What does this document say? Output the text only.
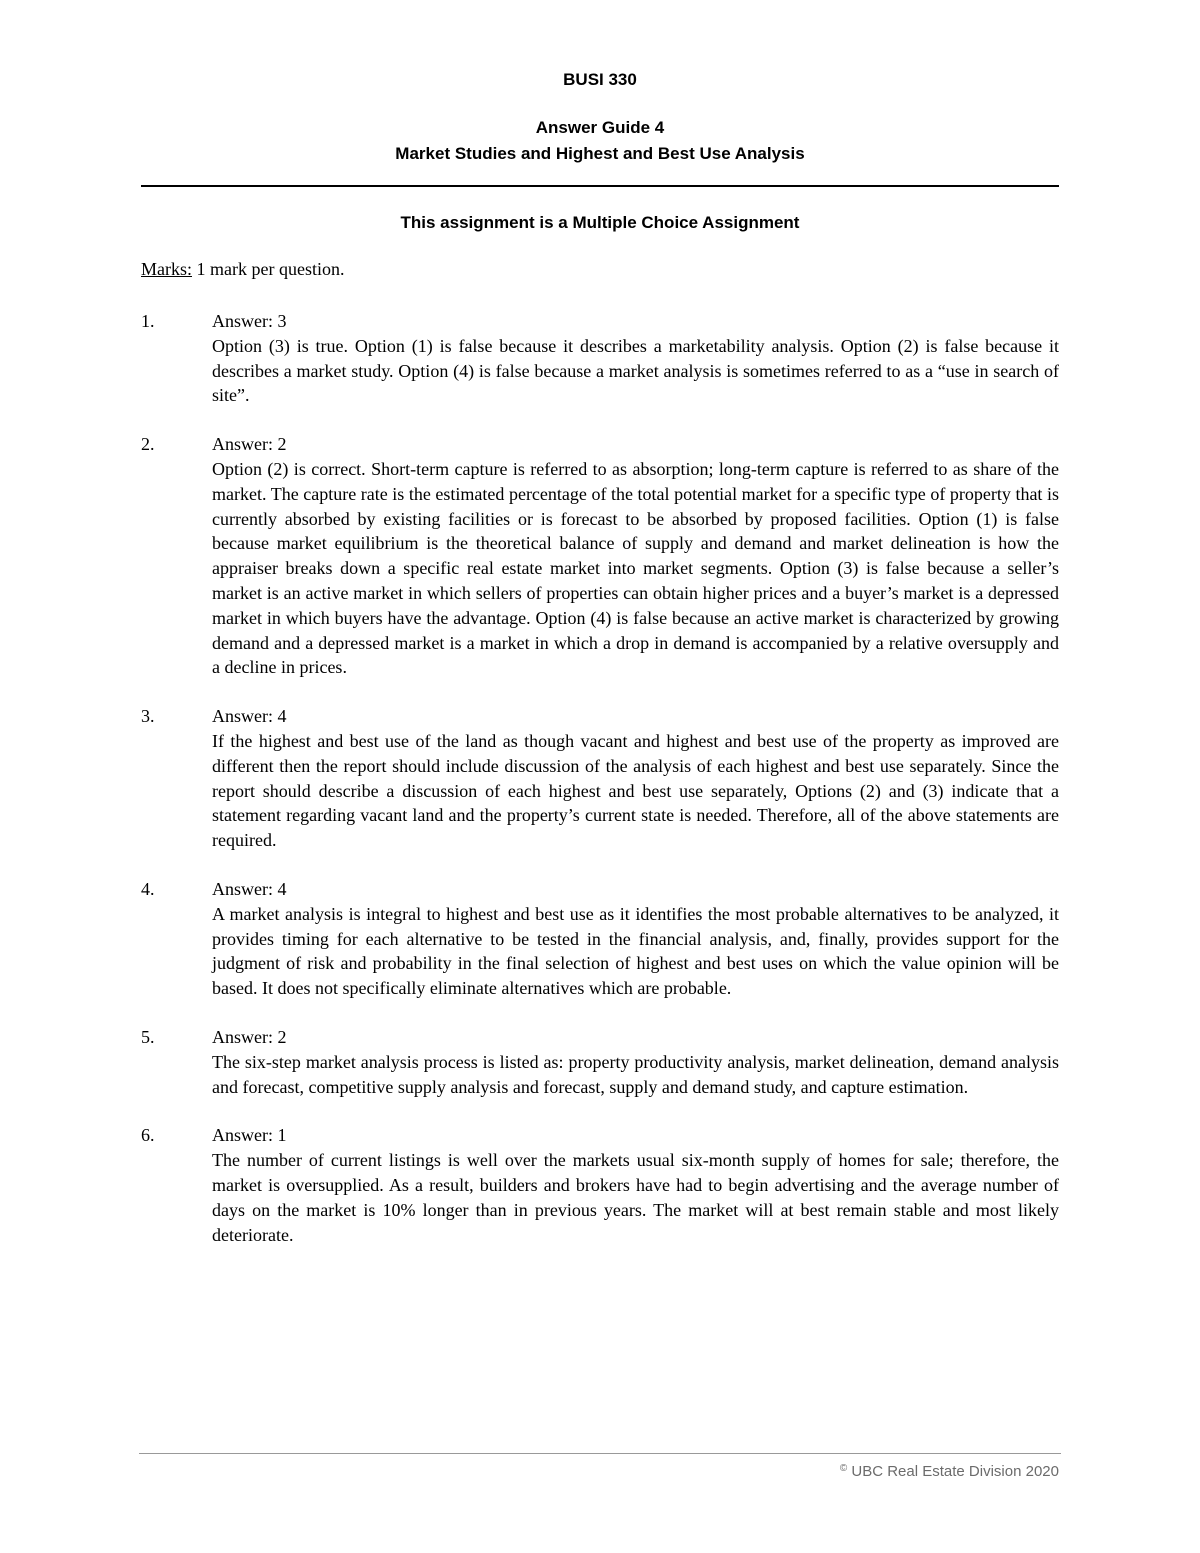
BUSI 330
Answer Guide 4
Market Studies and Highest and Best Use Analysis
This assignment is a Multiple Choice Assignment
Marks: 1 mark per question.
1.	Answer: 3

Option (3) is true. Option (1) is false because it describes a marketability analysis. Option (2) is false because it describes a market study. Option (4) is false because a market analysis is sometimes referred to as a “use in search of site”.

2.	Answer: 2

Option (2) is correct. Short-term capture is referred to as absorption; long-term capture is referred to as share of the market. The capture rate is the estimated percentage of the total potential market for a specific type of property that is currently absorbed by existing facilities or is forecast to be absorbed by proposed facilities. Option (1) is false because market equilibrium is the theoretical balance of supply and demand and market delineation is how the appraiser breaks down a specific real estate market into market segments. Option (3) is false because a seller’s market is an active market in which sellers of properties can obtain higher prices and a buyer’s market is a depressed market in which buyers have the advantage. Option (4) is false because an active market is characterized by growing demand and a depressed market is a market in which a drop in demand is accompanied by a relative oversupply and a decline in prices.

3.	Answer: 4

If the highest and best use of the land as though vacant and highest and best use of the property as improved are different then the report should include discussion of the analysis of each highest and best use separately. Since the report should describe a discussion of each highest and best use separately, Options (2) and (3) indicate that a statement regarding vacant land and the property’s current state is needed. Therefore, all of the above statements are required.

4.	Answer: 4

A market analysis is integral to highest and best use as it identifies the most probable alternatives to be analyzed, it provides timing for each alternative to be tested in the financial analysis, and, finally, provides support for the judgment of risk and probability in the final selection of highest and best uses on which the value opinion will be based. It does not specifically eliminate alternatives which are probable.

5.	Answer: 2

The six-step market analysis process is listed as: property productivity analysis, market delineation, demand analysis and forecast, competitive supply analysis and forecast, supply and demand study, and capture estimation.

6.	Answer: 1

The number of current listings is well over the markets usual six-month supply of homes for sale; therefore, the market is oversupplied. As a result, builders and brokers have had to begin advertising and the average number of days on the market is 10% longer than in previous years. The market will at best remain stable and most likely deteriorate.

© UBC Real Estate Division 2020
